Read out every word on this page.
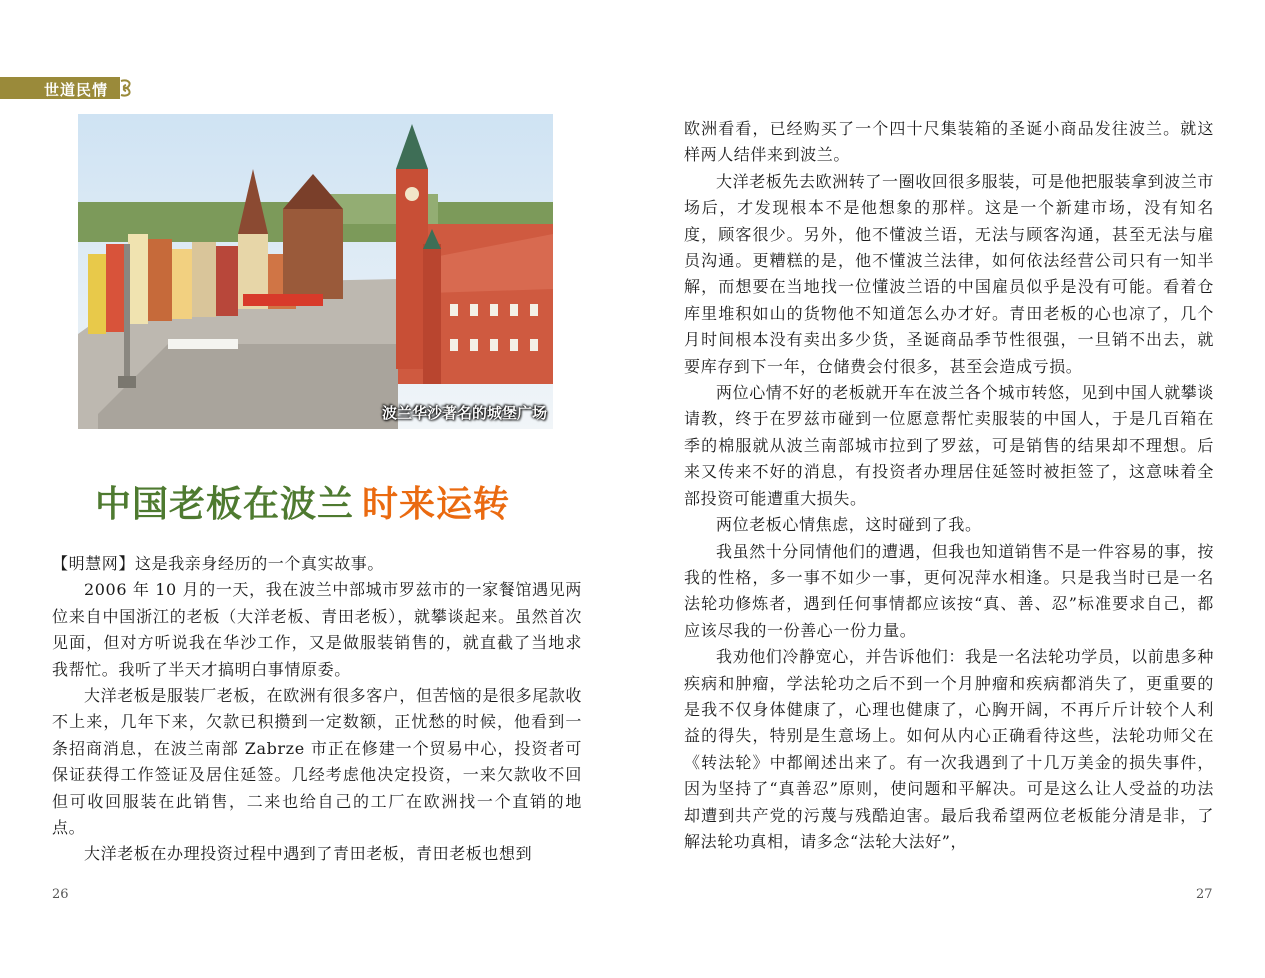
世道民情
波兰华沙著名的城堡广场
中国老板在波兰 时来运转

【明慧网】这是我亲身经历的一个真实故事。

2006 年 10 月的一天，我在波兰中部城市罗兹市的一家餐馆遇见两位来自中国浙江的老板（大洋老板、青田老板），就攀谈起来。虽然首次见面，但对方听说我在华沙工作，又是做服装销售的，就直截了当地求我帮忙。我听了半天才搞明白事情原委。

大洋老板是服装厂老板，在欧洲有很多客户，但苦恼的是很多尾款收不上来，几年下来，欠款已积攒到一定数额，正忧愁的时候，他看到一条招商消息，在波兰南部 Zabrze 市正在修建一个贸易中心，投资者可保证获得工作签证及居住延签。几经考虑他决定投资，一来欠款收不回但可收回服装在此销售，二来也给自己的工厂在欧洲找一个直销的地点。

大洋老板在办理投资过程中遇到了青田老板，青田老板也想到

欧洲看看，已经购买了一个四十尺集装箱的圣诞小商品发往波兰。就这样两人结伴来到波兰。

大洋老板先去欧洲转了一圈收回很多服装，可是他把服装拿到波兰市场后，才发现根本不是他想象的那样。这是一个新建市场，没有知名度，顾客很少。另外，他不懂波兰语，无法与顾客沟通，甚至无法与雇员沟通。更糟糕的是，他不懂波兰法律，如何依法经营公司只有一知半解，而想要在当地找一位懂波兰语的中国雇员似乎是没有可能。看着仓库里堆积如山的货物他不知道怎么办才好。青田老板的心也凉了，几个月时间根本没有卖出多少货，圣诞商品季节性很强，一旦销不出去，就要库存到下一年，仓储费会付很多，甚至会造成亏损。

两位心情不好的老板就开车在波兰各个城市转悠，见到中国人就攀谈请教，终于在罗兹市碰到一位愿意帮忙卖服装的中国人，于是几百箱在季的棉服就从波兰南部城市拉到了罗兹，可是销售的结果却不理想。后来又传来不好的消息，有投资者办理居住延签时被拒签了，这意味着全部投资可能遭重大损失。

两位老板心情焦虑，这时碰到了我。

我虽然十分同情他们的遭遇，但我也知道销售不是一件容易的事，按我的性格，多一事不如少一事，更何况萍水相逢。只是我当时已是一名法轮功修炼者，遇到任何事情都应该按“真、善、忍”标准要求自己，都应该尽我的一份善心一份力量。

我劝他们冷静宽心，并告诉他们：我是一名法轮功学员，以前患多种疾病和肿瘤，学法轮功之后不到一个月肿瘤和疾病都消失了，更重要的是我不仅身体健康了，心理也健康了，心胸开阔，不再斤斤计较个人利益的得失，特别是生意场上。如何从内心正确看待这些，法轮功师父在《转法轮》中都阐述出来了。有一次我遇到了十几万美金的损失事件，因为坚持了“真善忍”原则，使问题和平解决。可是这么让人受益的功法却遭到共产党的污蔑与残酷迫害。最后我希望两位老板能分清是非，了解法轮功真相，请多念“法轮大法好”，

26	27
